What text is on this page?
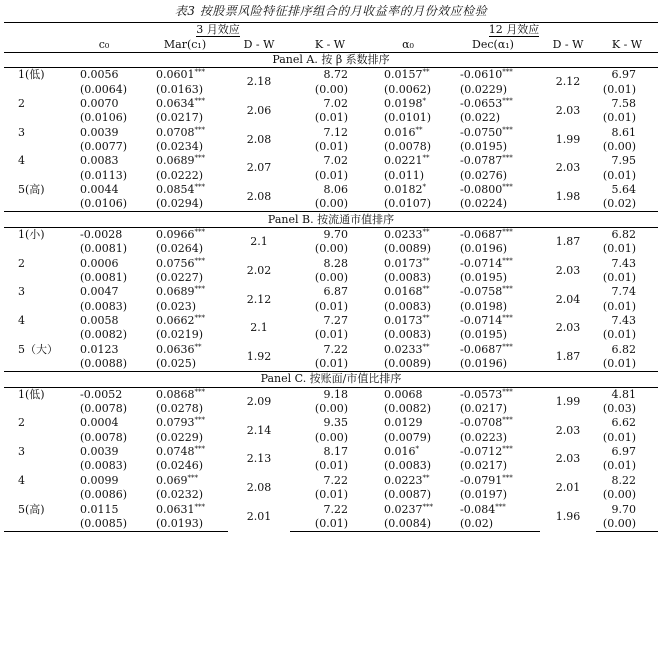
表3 按股票风险特征排序组合的月收益率的月份效应检验
	3 月效应				12 月效应			
	c₀	Mar(c₁)	D - W	K - W	α₀	Dec(α₁)	D - W	K - W
Panel A. 按 β 系数排序								
1(低)	0.0056	0.0601***	2.18	8.72	0.0157**	-0.0610***	2.12	6.97
	(0.0064)	(0.0163)		(0.00)	(0.0062)	(0.0229)		(0.01)
2	0.0070	0.0634***	2.06	7.02	0.0198*	-0.0653***	2.03	7.58
	(0.0106)	(0.0217)		(0.01)	(0.0101)	(0.022)		(0.01)
3	0.0039	0.0708***	2.08	7.12	0.016**	-0.0750***	1.99	8.61
	(0.0077)	(0.0234)		(0.01)	(0.0078)	(0.0195)		(0.00)
4	0.0083	0.0689***	2.07	7.02	0.0221**	-0.0787***	2.03	7.95
	(0.0113)	(0.0222)		(0.01)	(0.011)	(0.0276)		(0.01)
5(高)	0.0044	0.0854***	2.08	8.06	0.0182*	-0.0800***	1.98	5.64
	(0.0106)	(0.0294)		(0.00)	(0.0107)	(0.0224)		(0.02)
Panel B. 按流通市值排序								
1(小)	-0.0028	0.0966***	2.1	9.70	0.0233**	-0.0687***	1.87	6.82
	(0.0081)	(0.0264)		(0.00)	(0.0089)	(0.0196)		(0.01)
2	0.0006	0.0756***	2.02	8.28	0.0173**	-0.0714***	2.03	7.43
	(0.0081)	(0.0227)		(0.00)	(0.0083)	(0.0195)		(0.01)
3	0.0047	0.0689***	2.12	6.87	0.0168**	-0.0758***	2.04	7.74
	(0.0083)	(0.023)		(0.01)	(0.0083)	(0.0198)		(0.01)
4	0.0058	0.0662***	2.1	7.27	0.0173**	-0.0714***	2.03	7.43
	(0.0082)	(0.0219)		(0.01)	(0.0083)	(0.0195)		(0.01)
5（大）	0.0123	0.0636**	1.92	7.22	0.0233**	-0.0687***	1.87	6.82
	(0.0088)	(0.025)		(0.01)	(0.0089)	(0.0196)		(0.01)
Panel C. 按账面/市值比排序								
1(低)	-0.0052	0.0868***	2.09	9.18	0.0068	-0.0573***	1.99	4.81
	(0.0078)	(0.0278)		(0.00)	(0.0082)	(0.0217)		(0.03)
2	0.0004	0.0793***	2.14	9.35	0.0129	-0.0708***	2.03	6.62
	(0.0078)	(0.0229)		(0.00)	(0.0079)	(0.0223)		(0.01)
3	0.0039	0.0748***	2.13	8.17	0.016*	-0.0712***	2.03	6.97
	(0.0083)	(0.0246)		(0.01)	(0.0083)	(0.0217)		(0.01)
4	0.0099	0.069***	2.08	7.22	0.0223**	-0.0791***	2.01	8.22
	(0.0086)	(0.0232)		(0.01)	(0.0087)	(0.0197)		(0.00)
5(高)	0.0115	0.0631***	2.01	7.22	0.0237***	-0.084***	1.96	9.70
	(0.0085)	(0.0193)		(0.01)	(0.0084)	(0.02)		(0.00)
